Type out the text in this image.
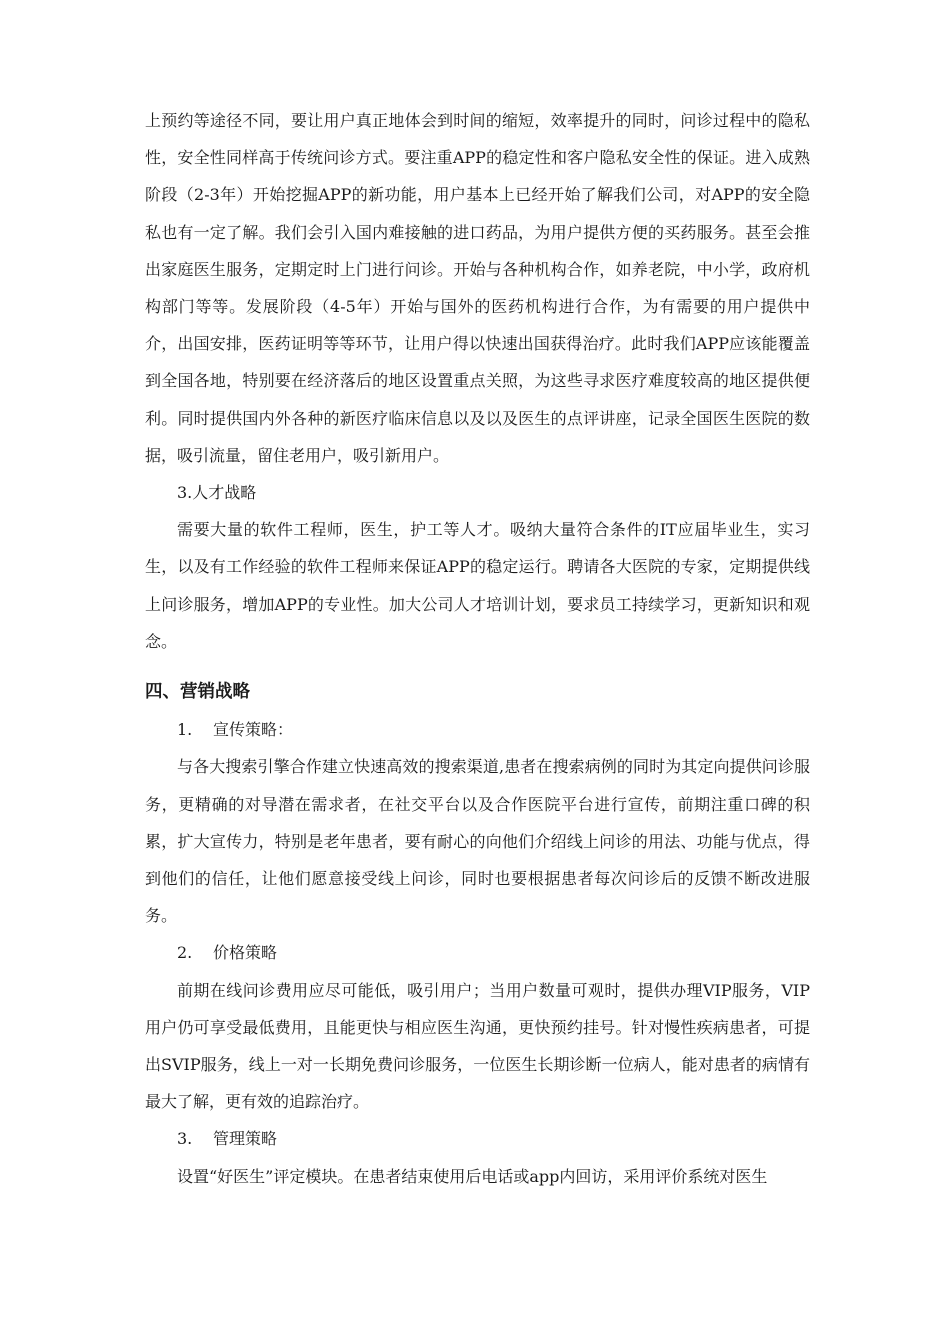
上预约等途径不同，要让用户真正地体会到时间的缩短，效率提升的同时，问诊过程中的隐私性，安全性同样高于传统问诊方式。要注重APP的稳定性和客户隐私安全性的保证。进入成熟阶段（2-3年）开始挖掘APP的新功能，用户基本上已经开始了解我们公司，对APP的安全隐私也有一定了解。我们会引入国内难接触的进口药品，为用户提供方便的买药服务。甚至会推出家庭医生服务，定期定时上门进行问诊。开始与各种机构合作，如养老院，中小学，政府机构部门等等。发展阶段（4-5年）开始与国外的医药机构进行合作，为有需要的用户提供中介，出国安排，医药证明等等环节，让用户得以快速出国获得治疗。此时我们APP应该能覆盖到全国各地，特别要在经济落后的地区设置重点关照，为这些寻求医疗难度较高的地区提供便利。同时提供国内外各种的新医疗临床信息以及以及医生的点评讲座，记录全国医生医院的数据，吸引流量，留住老用户，吸引新用户。

3.人才战略

需要大量的软件工程师，医生，护工等人才。吸纳大量符合条件的IT应届毕业生，实习生，以及有工作经验的软件工程师来保证APP的稳定运行。聘请各大医院的专家，定期提供线上问诊服务，增加APP的专业性。加大公司人才培训计划，要求员工持续学习，更新知识和观念。

四、营销战略

1. 宣传策略：

与各大搜索引擎合作建立快速高效的搜索渠道,患者在搜索病例的同时为其定向提供问诊服务，更精确的对导潜在需求者，在社交平台以及合作医院平台进行宣传，前期注重口碑的积累，扩大宣传力，特别是老年患者，要有耐心的向他们介绍线上问诊的用法、功能与优点，得到他们的信任，让他们愿意接受线上问诊，同时也要根据患者每次问诊后的反馈不断改进服务。

2. 价格策略

前期在线问诊费用应尽可能低，吸引用户；当用户数量可观时，提供办理VIP服务，VIP用户仍可享受最低费用，且能更快与相应医生沟通，更快预约挂号。针对慢性疾病患者，可提出SVIP服务，线上一对一长期免费问诊服务，一位医生长期诊断一位病人，能对患者的病情有最大了解，更有效的追踪治疗。

3. 管理策略

设置“好医生”评定模块。在患者结束使用后电话或app内回访，采用评价系统对医生
